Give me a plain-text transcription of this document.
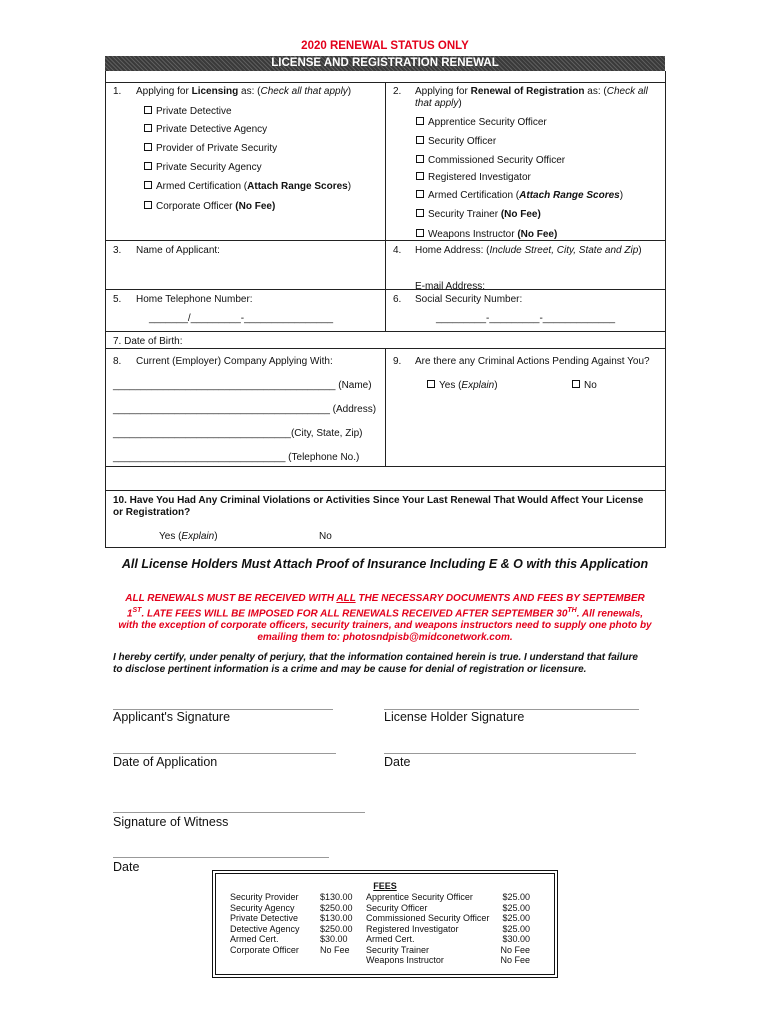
2020 RENEWAL STATUS ONLY
LICENSE AND REGISTRATION RENEWAL
1. Applying for Licensing as: (Check all that apply)
Private Detective
Private Detective Agency
Provider of Private Security
Private Security Agency
Armed Certification (Attach Range Scores)
Corporate Officer (No Fee)
2. Applying for Renewal of Registration as: (Check all
that apply)
Apprentice Security Officer
Security Officer
Commissioned Security Officer
Registered Investigator
Armed Certification (Attach Range Scores)
Security Trainer (No Fee)
Weapons Instructor (No Fee)
3. Name of Applicant:	4. Home Address: (Include Street, City, State and Zip)
E-mail Address:
5. Home Telephone Number:
_______/_________-________________
6. Social Security Number:
_________-_________-_____________
7. Date of Birth:
8. Current (Employer) Company Applying With:
________________________________________ (Name)
_______________________________________ (Address)
________________________________(City, State, Zip)
_______________________________ (Telephone No.)
9. Are there any Criminal Actions Pending Against You?
Yes (Explain)	No
10. Have You Had Any Criminal Violations or Activities Since Your Last Renewal That Would Affect Your License
or Registration?
Yes (Explain)	No
All License Holders Must Attach Proof of Insurance Including E & O with this Application
ALL RENEWALS MUST BE RECEIVED WITH ALL THE NECESSARY DOCUMENTS AND FEES BY SEPTEMBER
1ST. LATE FEES WILL BE IMPOSED FOR ALL RENEWALS RECEIVED AFTER SEPTEMBER 30TH. All renewals,
with the exception of corporate officers, security trainers, and weapons instructors need to supply one photo by
emailing them to: photosndpisb@midconetwork.com.
I hereby certify, under penalty of perjury, that the information contained herein is true. I understand that failure
to disclose pertinent information is a crime and may be cause for denial of registration or licensure.
Applicant's Signature	License Holder Signature
Date of Application	Date
Signature of Witness
Date
FEES
Security Provider	$130.00
Security Agency	$250.00
Private Detective	$130.00
Detective Agency	$250.00
Armed Cert.	$30.00
Corporate Officer	No Fee
Apprentice Security Officer	$25.00
Security Officer	$25.00
Commissioned Security Officer	$25.00
Registered Investigator	$25.00
Armed Cert.	$30.00
Security Trainer	No Fee
Weapons Instructor	No Fee
